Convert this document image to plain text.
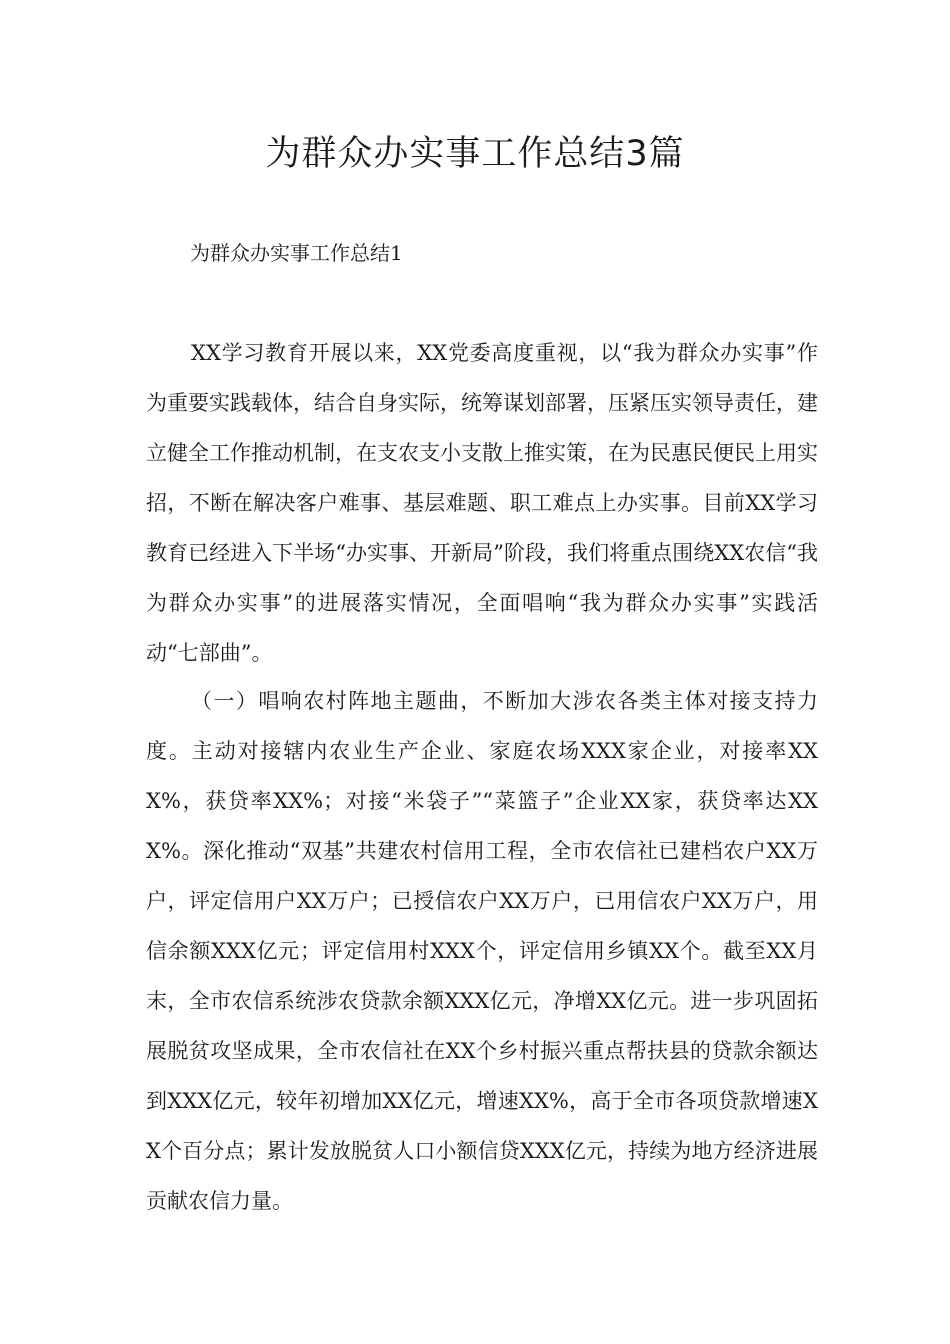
为群众办实事工作总结3篇
为群众办实事工作总结1

XX学习教育开展以来，XX党委高度重视，以“我为群众办实事”作为重要实践载体，结合自身实际，统筹谋划部署，压紧压实领导责任，建立健全工作推动机制，在支农支小支散上推实策，在为民惠民便民上用实招，不断在解决客户难事、基层难题、职工难点上办实事。目前XX学习教育已经进入下半场“办实事、开新局”阶段，我们将重点围绕XX农信“我为群众办实事”的进展落实情况，全面唱响“我为群众办实事”实践活动“七部曲”。

（一）唱响农村阵地主题曲，不断加大涉农各类主体对接支持力度。主动对接辖内农业生产企业、家庭农场XXX家企业，对接率XXX%，获贷率XX%；对接“米袋子”“菜篮子”企业XX家，获贷率达XXX%。深化推动“双基”共建农村信用工程，全市农信社已建档农户XX万户，评定信用户XX万户；已授信农户XX万户，已用信农户XX万户，用信余额XXX亿元；评定信用村XXX个，评定信用乡镇XX个。截至XX月末，全市农信系统涉农贷款余额XXX亿元，净增XX亿元。进一步巩固拓展脱贫攻坚成果，全市农信社在XX个乡村振兴重点帮扶县的贷款余额达到XXX亿元，较年初增加XX亿元，增速XX%，高于全市各项贷款增速XX个百分点；累计发放脱贫人口小额信贷XXX亿元，持续为地方经济进展贡献农信力量。
